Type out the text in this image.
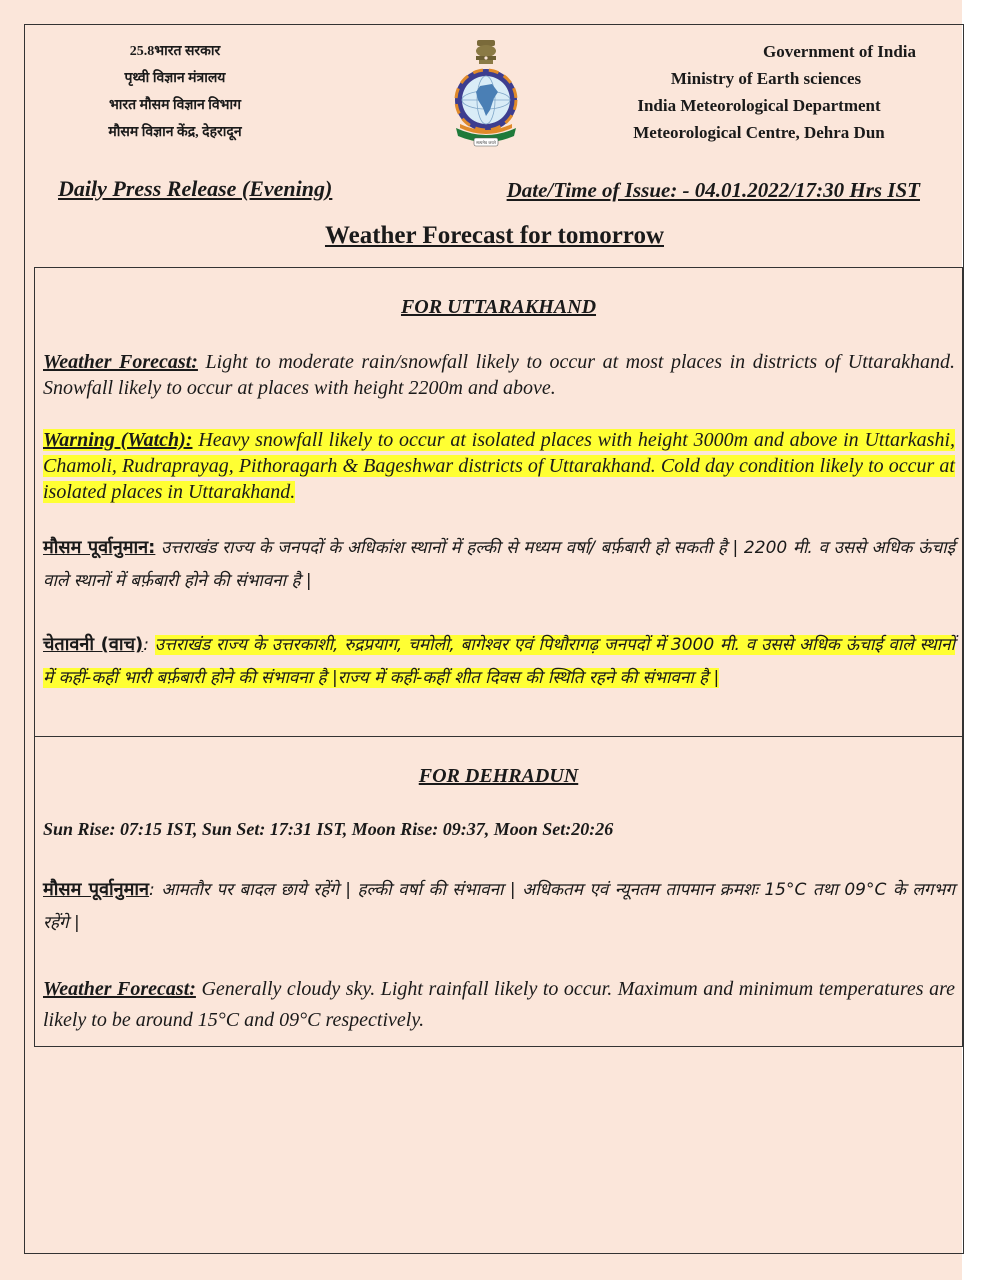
25.8भारत सरकार
पृथ्वी विज्ञान मंत्रालय
भारत मौसम विज्ञान विभाग
मौसम विज्ञान केंद्र, देहरादून
सत्यमेव जयते
Government of India
Ministry of Earth sciences
India Meteorological Department
Meteorological Centre, Dehra Dun
Daily Press Release (Evening)	Date/Time of Issue: - 04.01.2022/17:30 Hrs IST
Weather Forecast for tomorrow
FOR UTTARAKHAND
Weather Forecast: Light to moderate rain/snowfall likely to occur at most places in districts of Uttarakhand. Snowfall likely to occur at places with height 2200m and above.
Warning (Watch): Heavy snowfall likely to occur at isolated places with height 3000m and above in Uttarkashi, Chamoli, Rudraprayag, Pithoragarh & Bageshwar districts of Uttarakhand. Cold day condition likely to occur at isolated places in Uttarakhand.
मौसम पूर्वानुमान: उत्तराखंड राज्य के जनपदों के अधिकांश स्थानों में हल्की से मध्यम वर्षा/ बर्फ़बारी हो सकती है | 2200 मी. व उससे अधिक ऊंचाई वाले स्थानों में बर्फ़बारी होने की संभावना है |
चेतावनी (वाच): उत्तराखंड राज्य के उत्तरकाशी, रुद्रप्रयाग, चमोली, बागेश्वर एवं पिथौरागढ़ जनपदों में 3000 मी. व उससे अधिक ऊंचाई वाले स्थानों में कहीं-कहीं भारी बर्फ़बारी होने की संभावना है |राज्य में कहीं-कहीं शीत दिवस की स्थिति रहने की संभावना है |
FOR DEHRADUN
Sun Rise: 07:15 IST, Sun Set: 17:31 IST, Moon Rise: 09:37, Moon Set:20:26
मौसम पूर्वानुमान: आमतौर पर बादल छाये रहेंगे | हल्की वर्षा की संभावना | अधिकतम एवं न्यूनतम तापमान क्रमशः 15°C तथा 09°C के लगभग रहेंगे |
Weather Forecast: Generally cloudy sky. Light rainfall likely to occur. Maximum and minimum temperatures are likely to be around 15°C and 09°C respectively.
